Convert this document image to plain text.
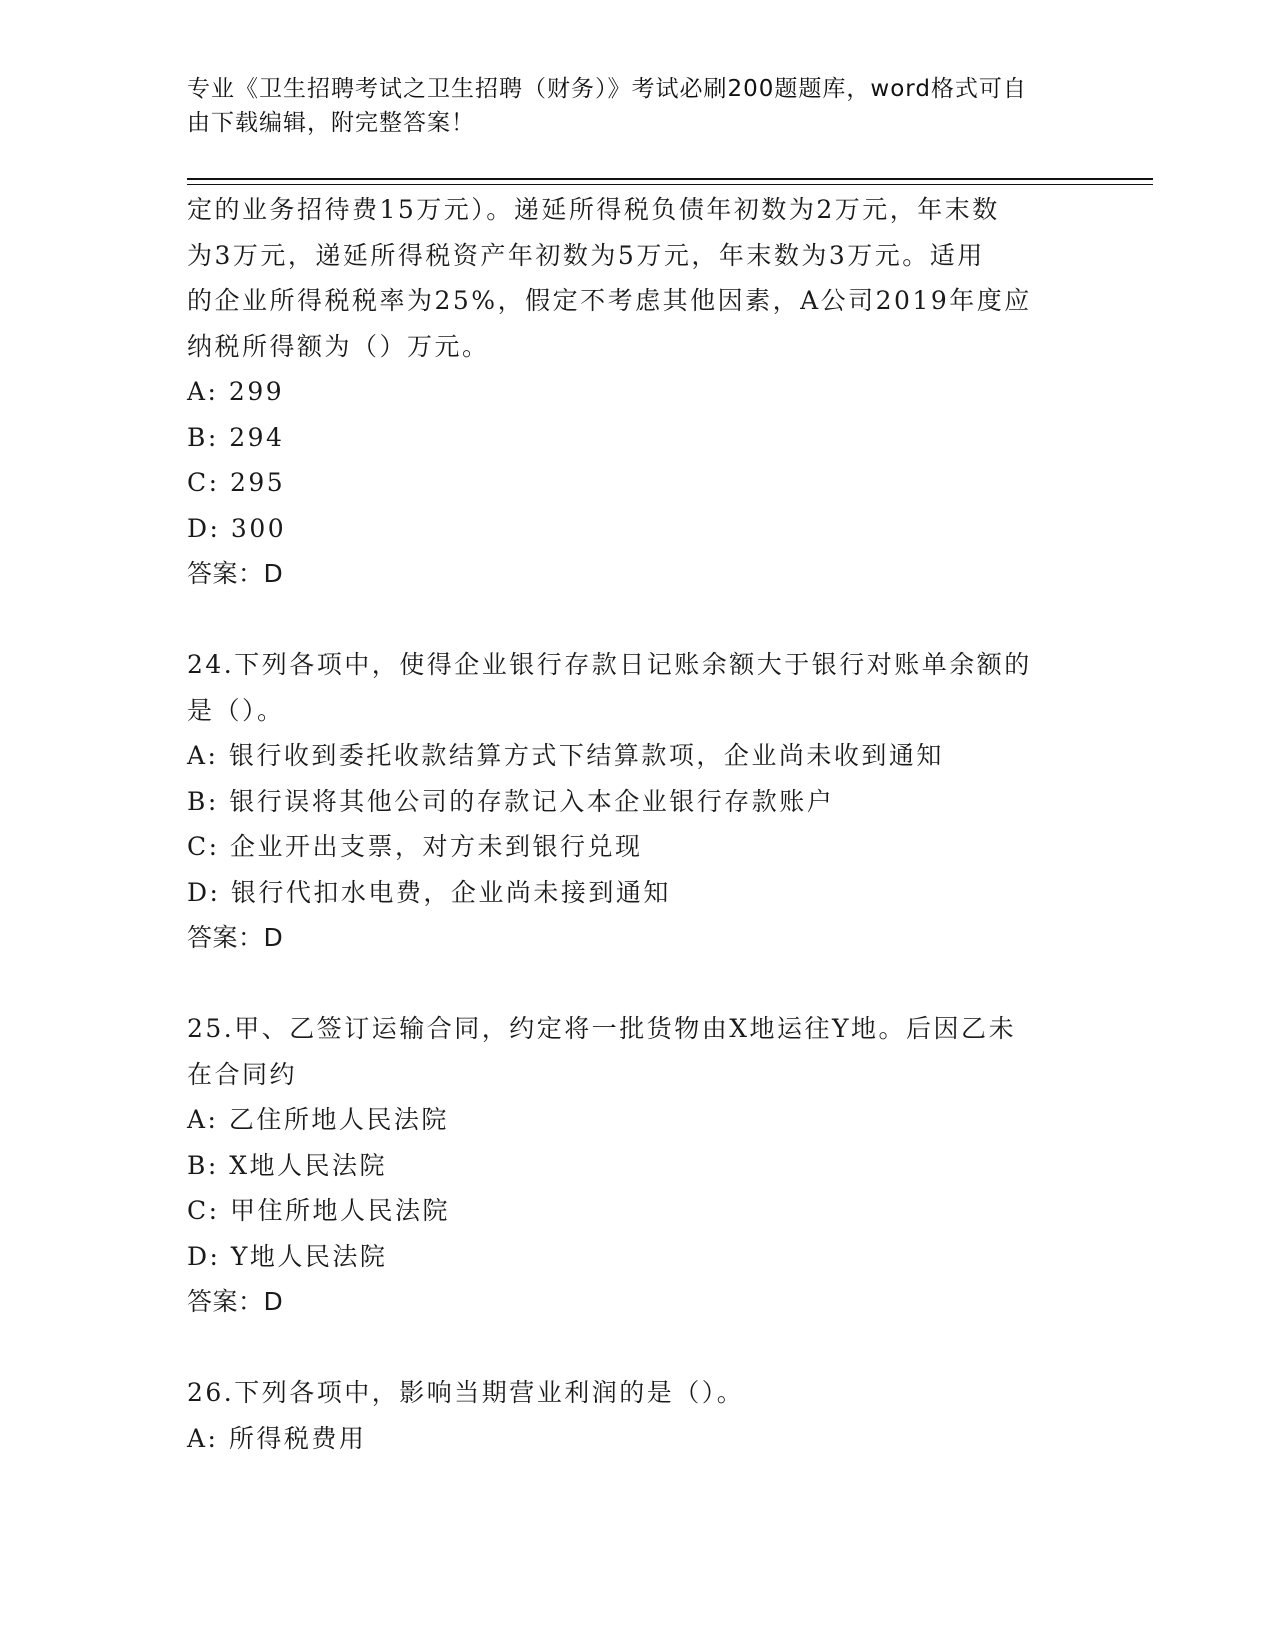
专业《卫生招聘考试之卫生招聘（财务）》考试必刷200题题库，word格式可自
由下载编辑，附完整答案！
定的业务招待费15万元）。递延所得税负债年初数为2万元，年末数
为3万元，递延所得税资产年初数为5万元，年末数为3万元。适用
的企业所得税税率为25%，假定不考虑其他因素，A公司2019年度应
纳税所得额为（）万元。
A: 299
B: 294
C: 295
D: 300
答案：D
24.下列各项中，使得企业银行存款日记账余额大于银行对账单余额的
是（）。
A: 银行收到委托收款结算方式下结算款项，企业尚未收到通知
B: 银行误将其他公司的存款记入本企业银行存款账户
C: 企业开出支票，对方未到银行兑现
D: 银行代扣水电费，企业尚未接到通知
答案：D
25.甲、乙签订运输合同，约定将一批货物由X地运往Y地。后因乙未
在合同约
A: 乙住所地人民法院
B: X地人民法院
C: 甲住所地人民法院
D: Y地人民法院
答案：D
26.下列各项中，影响当期营业利润的是（）。
A: 所得税费用
